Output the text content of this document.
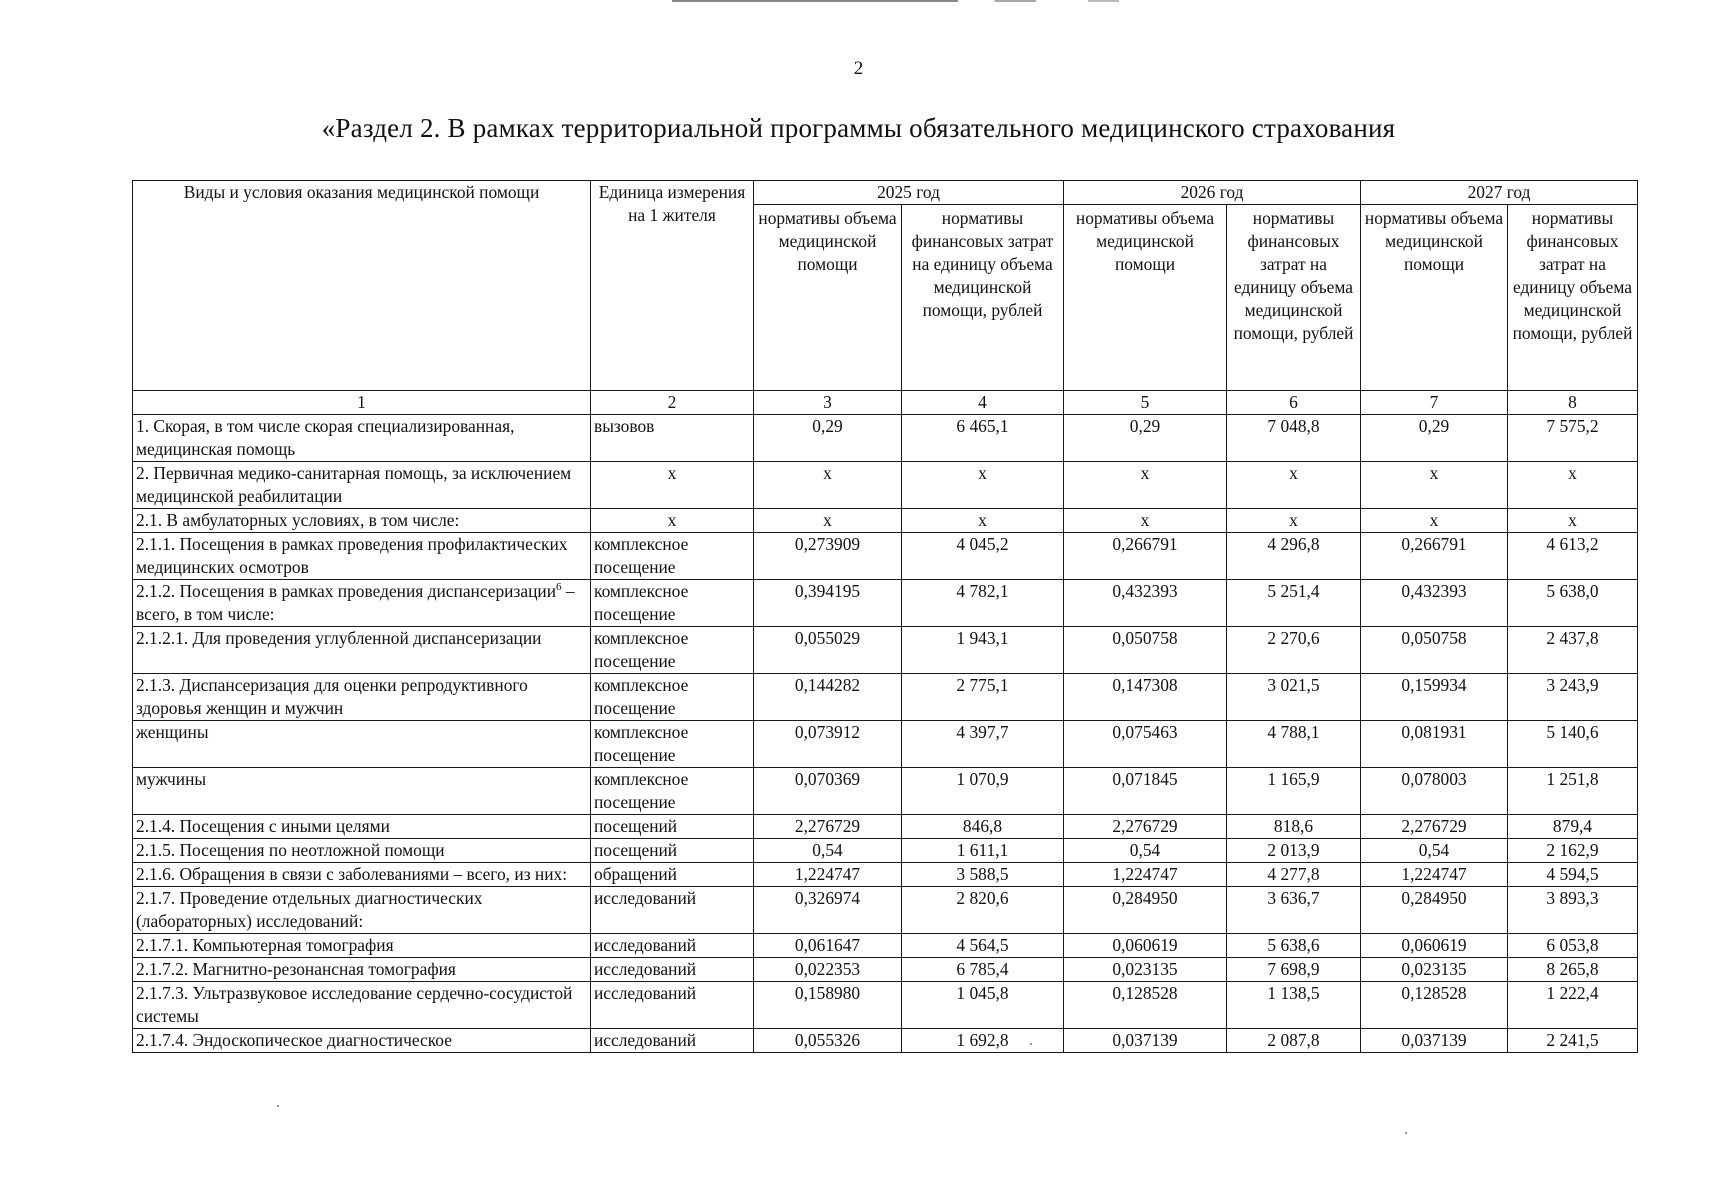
2
«Раздел 2. В рамках территориальной программы обязательного медицинского страхования
Виды и условия оказания медицинской помощи	Единица измерения на 1 жителя	2025 год		2026 год		2027 год	
		нормативы объема медицинской помощи	нормативы финансовых затрат на единицу объема медицинской помощи, рублей	нормативы объема медицинской помощи	нормативы финансовых затрат на единицу объема медицинской помощи, рублей	нормативы объема медицинской помощи	нормативы финансовых затрат на единицу объема медицинской помощи, рублей
1	2	3	4	5	6	7	8
1. Скорая, в том числе скорая специализированная, медицинская помощь	вызовов	0,29	6 465,1	0,29	7 048,8	0,29	7 575,2
2. Первичная медико-санитарная помощь, за исключением медицинской реабилитации	х	х	х	х	х	х	х
2.1. В амбулаторных условиях, в том числе:	х	х	х	х	х	х	х
2.1.1. Посещения в рамках проведения профилактических медицинских осмотров	комплексное посещение	0,273909	4 045,2	0,266791	4 296,8	0,266791	4 613,2
2.1.2. Посещения в рамках проведения диспансеризации$^6$ – всего, в том числе:	комплексное посещение	0,394195	4 782,1	0,432393	5 251,4	0,432393	5 638,0
2.1.2.1. Для проведения углубленной диспансеризации	комплексное посещение	0,055029	1 943,1	0,050758	2 270,6	0,050758	2 437,8
2.1.3. Диспансеризация для оценки репродуктивного здоровья женщин и мужчин	комплексное посещение	0,144282	2 775,1	0,147308	3 021,5	0,159934	3 243,9
женщины	комплексное посещение	0,073912	4 397,7	0,075463	4 788,1	0,081931	5 140,6
мужчины	комплексное посещение	0,070369	1 070,9	0,071845	1 165,9	0,078003	1 251,8
2.1.4. Посещения с иными целями	посещений	2,276729	846,8	2,276729	818,6	2,276729	879,4
2.1.5. Посещения по неотложной помощи	посещений	0,54	1 611,1	0,54	2 013,9	0,54	2 162,9
2.1.6. Обращения в связи с заболеваниями – всего, из них:	обращений	1,224747	3 588,5	1,224747	4 277,8	1,224747	4 594,5
2.1.7. Проведение отдельных диагностических (лабораторных) исследований:	исследований	0,326974	2 820,6	0,284950	3 636,7	0,284950	3 893,3
2.1.7.1. Компьютерная томография	исследований	0,061647	4 564,5	0,060619	5 638,6	0,060619	6 053,8
2.1.7.2. Магнитно-резонансная томография	исследований	0,022353	6 785,4	0,023135	7 698,9	0,023135	8 265,8
2.1.7.3. Ультразвуковое исследование сердечно-сосудистой системы	исследований	0,158980	1 045,8	0,128528	1 138,5	0,128528	1 222,4
2.1.7.4. Эндоскопическое диагностическое	исследований	0,055326	1 692,8	0,037139	2 087,8	0,037139	2 241,5
